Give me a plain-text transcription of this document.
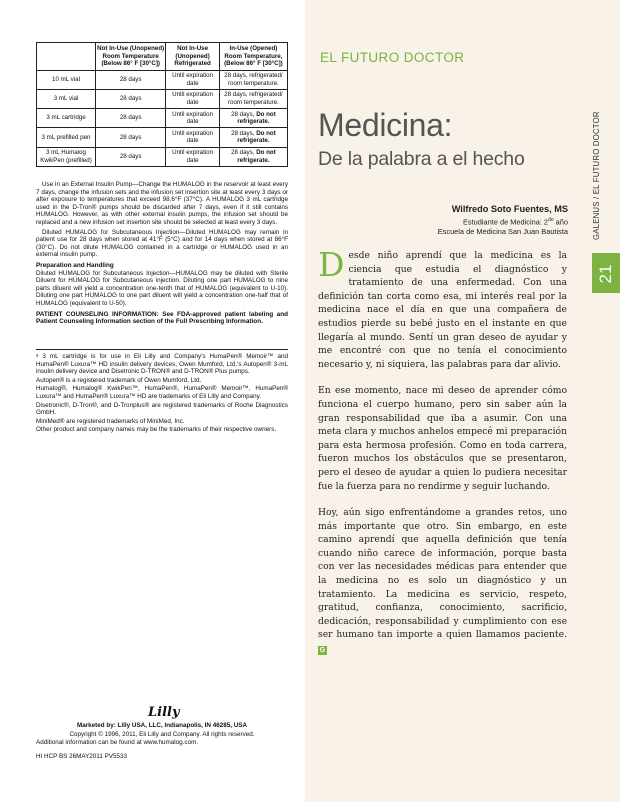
	Not In-Use (Unopened) Room Temperature (Below 86° F [30°C])	Not In-Use (Unopened) Refrigerated	In-Use (Opened) Room Temperature, (Below 86° F [30°C])
10 mL vial	28 days	Until expiration date	28 days, refrigerated/ room temperature.
3 mL vial	28 days	Until expiration date	28 days, refrigerated/ room temperature.
3 mL cartridge	28 days	Until expiration date	28 days, Do not refrigerate.
3 mL prefilled pen	28 days	Until expiration date	28 days, Do not refrigerate.
3 mL Humalog KwikPen (prefilled)	28 days	Until expiration date	28 days, Do not refrigerate.

Use in an External Insulin Pump—Change the HUMALOG in the reservoir at least every 7 days, change the infusion sets and the infusion set insertion site at least every 3 days or after exposure to temperatures that exceed 98.6°F (37°C). A HUMALOG 3 mL cartridge used in the D-Tron® pumps should be discarded after 7 days, even if it still contains HUMALOG. However, as with other external insulin pumps, the infusion set should be replaced and a new infusion set insertion site should be selected at least every 3 days.

Diluted HUMALOG for Subcutaneous Injection—Diluted HUMALOG may remain in patient use for 28 days when stored at 41°F (5°C) and for 14 days when stored at 86°F (30°C). Do not dilute HUMALOG contained in a cartridge or HUMALOG used in an external insulin pump.

Preparation and Handling

Diluted HUMALOG for Subcutaneous Injection—HUMALOG may be diluted with Sterile Diluent for HUMALOG for Subcutaneous injection. Diluting one part HUMALOG to nine parts diluent will yield a concentration one-tenth that of HUMALOG (equivalent to U-10). Diluting one part HUMALOG to one part diluent will yield a concentration one-half that of HUMALOG (equivalent to U-50).

PATIENT COUNSELING INFORMATION: See FDA-approved patient labeling and Patient Counseling Information section of the Full Prescribing Information.

ᵃ 3 mL cartridge is for use in Eli Lilly and Company's HumaPen® Memoir™ and HumaPen® Luxura™ HD insulin delivery devices, Owen Mumford, Ltd.'s Autopen® 3-mL insulin delivery device and Disetronic D-TRON® and D-TRON® Plus pumps.

Autopen® is a registered trademark of Owen Mumford, Ltd.

Humalog®, Humalog® KwikPen™, HumaPen®, HumaPen® Memoir™, HumaPen® Luxura™ and HumaPen® Luxura™ HD are trademarks of Eli Lilly and Company.

Disetronic®, D-Tron®, and D-Tronplus® are registered trademarks of Roche Diagnostics GmbH.

MiniMed® are registered trademarks of MiniMed, Inc.

Other product and company names may be the trademarks of their respective owners.

Lilly
Marketed by: Lilly USA, LLC, Indianapolis, IN 46285, USA
Copyright © 1996, 2011, Eli Lilly and Company. All rights reserved.
Additional information can be found at www.humalog.com.
HI HCP BS 26MAY2011 PV5533
EL FUTURO DOCTOR
Medicina:
De la palabra a el hecho
Wilfredo Soto Fuentes, MS
Estudiante de Medicina: $2^{do}$ año
Escuela de Medicina San Juan Bautista

Desde niño aprendí que la medicina es la ciencia que estudia el diagnóstico y tratamiento de una enfermedad. Con una definición tan corta como esa, mi interés real por la medicina nace el día en que una compañera de estudios pierde su bebé justo en el instante en que llegaría al mundo. Sentí un gran deseo de ayudar y me encontré con que no tenía el conocimiento necesario y, ni siquiera, las palabras para dar alivio.

En ese momento, nace mi deseo de aprender cómo funciona el cuerpo humano, pero sin saber aún la gran responsabilidad que iba a asumir. Con una meta clara y muchos anhelos empecé mi preparación para esta hermosa profesión. Como en toda carrera, fueron muchos los obstáculos que se presentaron, pero el deseo de ayudar a quien lo pudiera necesitar fue la fuerza para no rendirme y seguir luchando.

Hoy, aún sigo enfrentándome a grandes retos, uno más importante que otro. Sin embargo, en este camino aprendí que aquella definición que tenía cuando niño carece de información, porque basta con ver las necesidades médicas para entender que la medicina no es solo un diagnóstico y un tratamiento. La medicina es servicio, respeto, gratitud, confianza, conocimiento, sacrificio, dedicación, responsabilidad y cumplimiento con ese ser humano tan importe a quien llamamos paciente. G

GALENUS / EL FUTURO DOCTOR
21
